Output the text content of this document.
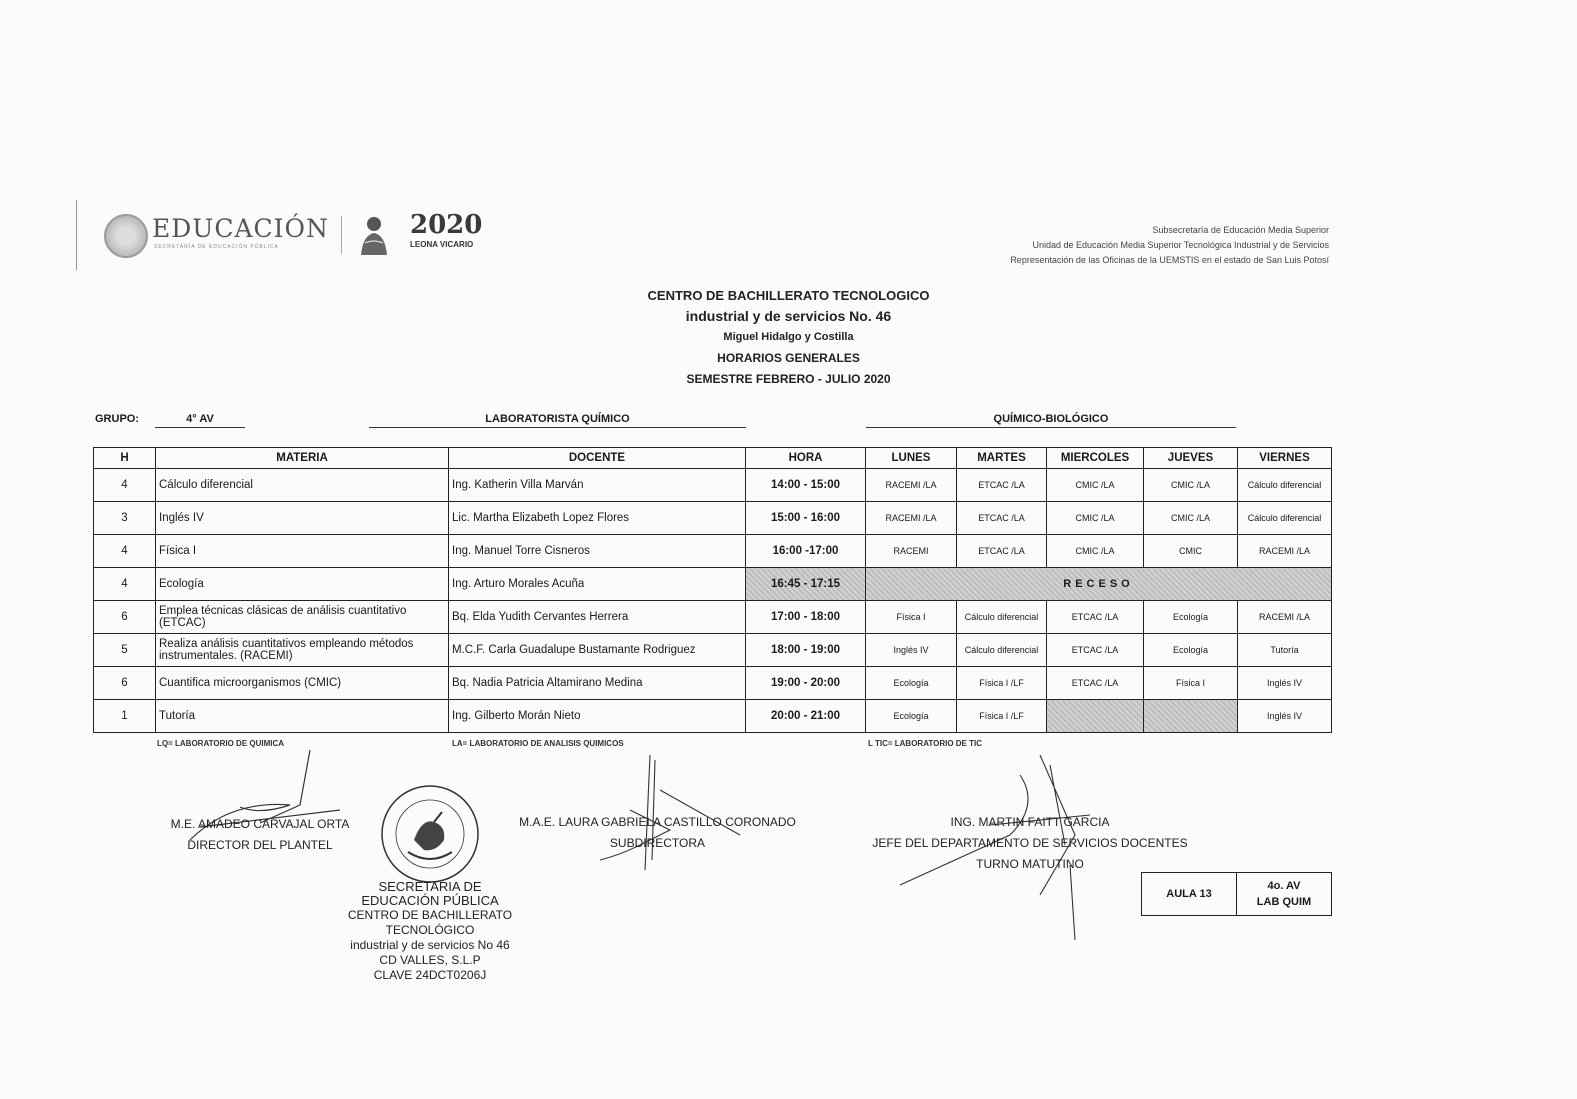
EDUCACIÓN
SECRETARÍA DE EDUCACIÓN PÚBLICA
2020
LEONA VICARIO
Subsecretaría de Educación Media Superior
Unidad de Educación Media Superior Tecnológica Industrial y de Servicios
Representación de las Oficinas de la UEMSTIS en el estado de San Luis Potosí
CENTRO DE BACHILLERATO TECNOLOGICO
industrial y de servicios No. 46
Miguel Hidalgo y Costilla
HORARIOS GENERALES
SEMESTRE FEBRERO - JULIO 2020
GRUPO:	4° AV	LABORATORISTA QUÍMICO	QUÍMICO-BIOLÓGICO
H	MATERIA	DOCENTE	HORA	LUNES	MARTES	MIERCOLES	JUEVES	VIERNES
4	Cálculo diferencial	Ing. Katherin Villa Marván	14:00 - 15:00	RACEMI /LA	ETCAC /LA	CMIC /LA	CMIC /LA	Cálculo diferencial
3	Inglés IV	Lic. Martha Elizabeth Lopez Flores	15:00 - 16:00	RACEMI /LA	ETCAC /LA	CMIC /LA	CMIC /LA	Cálculo diferencial
4	Física I	Ing. Manuel Torre Cisneros	16:00 -17:00	RACEMI	ETCAC /LA	CMIC /LA	CMIC	RACEMI /LA
4	Ecología	Ing. Arturo Morales Acuña	16:45 - 17:15	RECESO				
6	Emplea técnicas clásicas de análisis cuantitativo (ETCAC)	Bq. Elda Yudith Cervantes Herrera	17:00 - 18:00	Física I	Cálculo diferencial	ETCAC /LA	Ecología	RACEMI /LA
5	Realiza análisis cuantitativos empleando métodos instrumentales. (RACEMI)	M.C.F. Carla Guadalupe Bustamante Rodriguez	18:00 - 19:00	Inglés IV	Cálculo diferencial	ETCAC /LA	Ecología	Tutoría
6	Cuantifica microorganismos (CMIC)	Bq. Nadia Patricia Altamirano Medina	19:00 - 20:00	Ecología	Física I /LF	ETCAC /LA	Física I	Inglés IV
1	Tutoría	Ing. Gilberto Morán Nieto	20:00 - 21:00	Ecología	Física I /LF			Inglés IV
LQ= LABORATORIO DE QUIMICA	LA= LABORATORIO DE ANALISIS QUIMICOS	L TIC= LABORATORIO DE TIC
M.E. AMADEO CARVAJAL ORTA
DIRECTOR DEL PLANTEL
M.A.E. LAURA GABRIELA CASTILLO CORONADO
SUBDIRECTORA
ING. MARTIN FAITT GARCIA
JEFE DEL DEPARTAMENTO DE SERVICIOS DOCENTES
TURNO MATUTINO
SECRETARIA DE
EDUCACIÓN PÚBLICA
CENTRO DE BACHILLERATO
TECNOLÓGICO
industrial y de servicios No 46
CD VALLES, S.L.P
CLAVE 24DCT0206J
AULA 13	
4o. AV
LAB QUIM
